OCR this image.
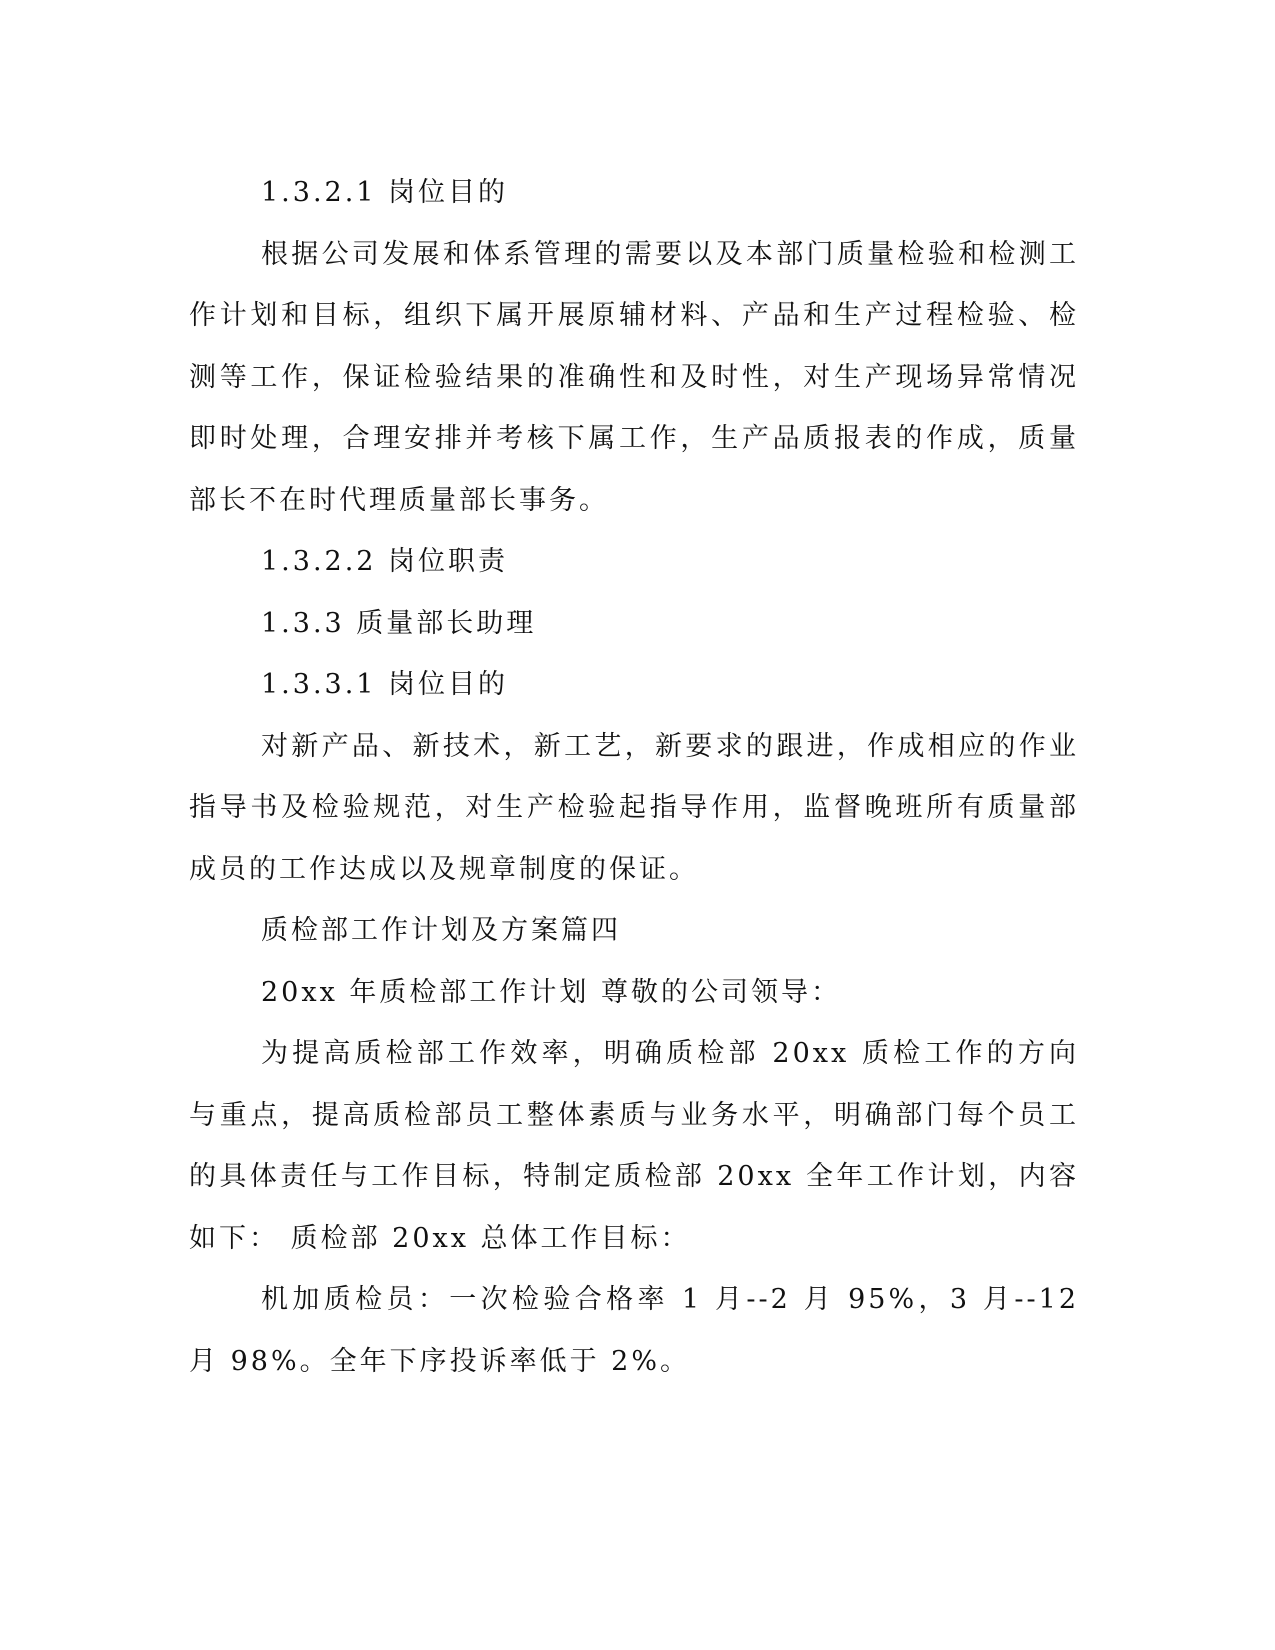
1.3.2.1 岗位目的

根据公司发展和体系管理的需要以及本部门质量检验和检测工作计划和目标，组织下属开展原辅材料、产品和生产过程检验、检测等工作，保证检验结果的准确性和及时性，对生产现场异常情况即时处理，合理安排并考核下属工作，生产品质报表的作成，质量部长不在时代理质量部长事务。

1.3.2.2 岗位职责

1.3.3 质量部长助理

1.3.3.1 岗位目的

对新产品、新技术，新工艺，新要求的跟进，作成相应的作业指导书及检验规范，对生产检验起指导作用，监督晚班所有质量部成员的工作达成以及规章制度的保证。

质检部工作计划及方案篇四

20xx 年质检部工作计划 尊敬的公司领导：

为提高质检部工作效率，明确质检部 20xx 质检工作的方向与重点，提高质检部员工整体素质与业务水平，明确部门每个员工的具体责任与工作目标，特制定质检部 20xx 全年工作计划，内容如下： 质检部 20xx 总体工作目标：

机加质检员：一次检验合格率 1 月--2 月 95%，3 月--12 月 98%。全年下序投诉率低于 2%。
